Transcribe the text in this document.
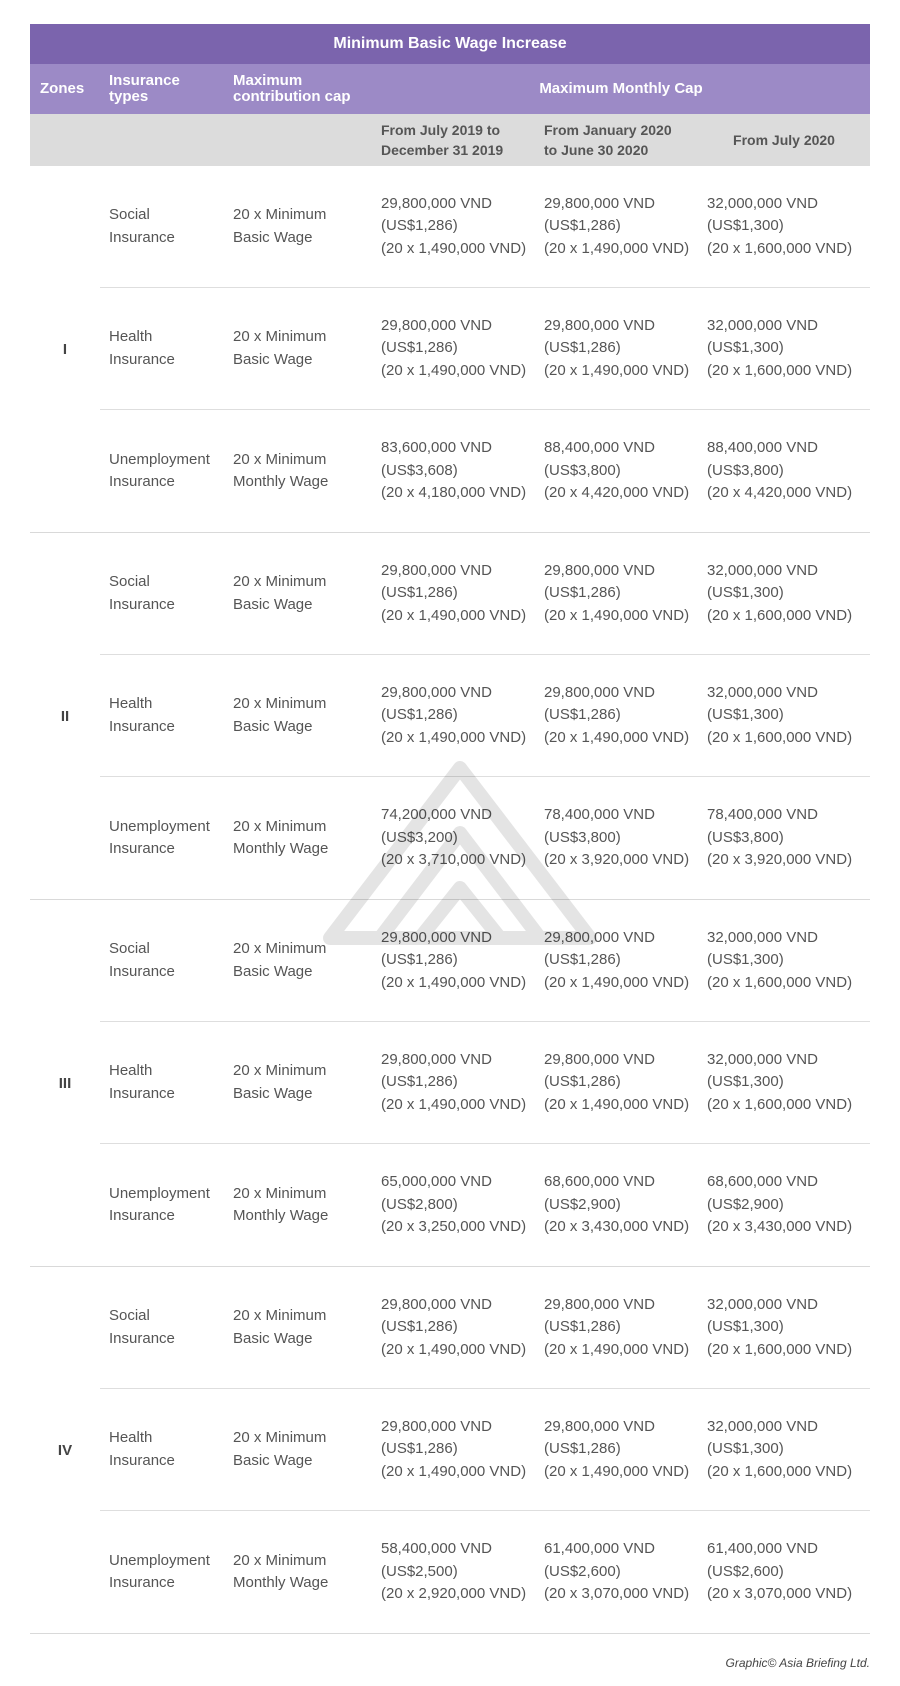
Minimum Basic Wage Increase
Zones	Insurance
types
Maximum
contribution cap	Maximum Monthly Cap
From July 2019 to
December 31 2019
From January 2020
to June 30 2020
From July 2020
I
Social
Insurance
20 x Minimum
Basic Wage
29,800,000 VND
(US$1,286)
(20 x 1,490,000 VND)
29,800,000 VND
(US$1,286)
(20 x 1,490,000 VND)
32,000,000 VND
(US$1,300)
(20 x 1,600,000 VND)
Health
Insurance
20 x Minimum
Basic Wage
29,800,000 VND
(US$1,286)
(20 x 1,490,000 VND)
29,800,000 VND
(US$1,286)
(20 x 1,490,000 VND)
32,000,000 VND
(US$1,300)
(20 x 1,600,000 VND)
Unemployment
Insurance
20 x Minimum
Monthly Wage
83,600,000 VND
(US$3,608)
(20 x 4,180,000 VND)
88,400,000 VND
(US$3,800)
(20 x 4,420,000 VND)
88,400,000 VND
(US$3,800)
(20 x 4,420,000 VND)
II
Social
Insurance
20 x Minimum
Basic Wage
29,800,000 VND
(US$1,286)
(20 x 1,490,000 VND)
29,800,000 VND
(US$1,286)
(20 x 1,490,000 VND)
32,000,000 VND
(US$1,300)
(20 x 1,600,000 VND)
Health
Insurance
20 x Minimum
Basic Wage
29,800,000 VND
(US$1,286)
(20 x 1,490,000 VND)
29,800,000 VND
(US$1,286)
(20 x 1,490,000 VND)
32,000,000 VND
(US$1,300)
(20 x 1,600,000 VND)
Unemployment
Insurance
20 x Minimum
Monthly Wage
74,200,000 VND
(US$3,200)
(20 x 3,710,000 VND)
78,400,000 VND
(US$3,800)
(20 x 3,920,000 VND)
78,400,000 VND
(US$3,800)
(20 x 3,920,000 VND)
III
Social
Insurance
20 x Minimum
Basic Wage
29,800,000 VND
(US$1,286)
(20 x 1,490,000 VND)
29,800,000 VND
(US$1,286)
(20 x 1,490,000 VND)
32,000,000 VND
(US$1,300)
(20 x 1,600,000 VND)
Health
Insurance
20 x Minimum
Basic Wage
29,800,000 VND
(US$1,286)
(20 x 1,490,000 VND)
29,800,000 VND
(US$1,286)
(20 x 1,490,000 VND)
32,000,000 VND
(US$1,300)
(20 x 1,600,000 VND)
Unemployment
Insurance
20 x Minimum
Monthly Wage
65,000,000 VND
(US$2,800)
(20 x 3,250,000 VND)
68,600,000 VND
(US$2,900)
(20 x 3,430,000 VND)
68,600,000 VND
(US$2,900)
(20 x 3,430,000 VND)
IV
Social
Insurance
20 x Minimum
Basic Wage
29,800,000 VND
(US$1,286)
(20 x 1,490,000 VND)
29,800,000 VND
(US$1,286)
(20 x 1,490,000 VND)
32,000,000 VND
(US$1,300)
(20 x 1,600,000 VND)
Health
Insurance
20 x Minimum
Basic Wage
29,800,000 VND
(US$1,286)
(20 x 1,490,000 VND)
29,800,000 VND
(US$1,286)
(20 x 1,490,000 VND)
32,000,000 VND
(US$1,300)
(20 x 1,600,000 VND)
Unemployment
Insurance
20 x Minimum
Monthly Wage
58,400,000 VND
(US$2,500)
(20 x 2,920,000 VND)
61,400,000 VND
(US$2,600)
(20 x 3,070,000 VND)
61,400,000 VND
(US$2,600)
(20 x 3,070,000 VND)
Graphic© Asia Briefing Ltd.
